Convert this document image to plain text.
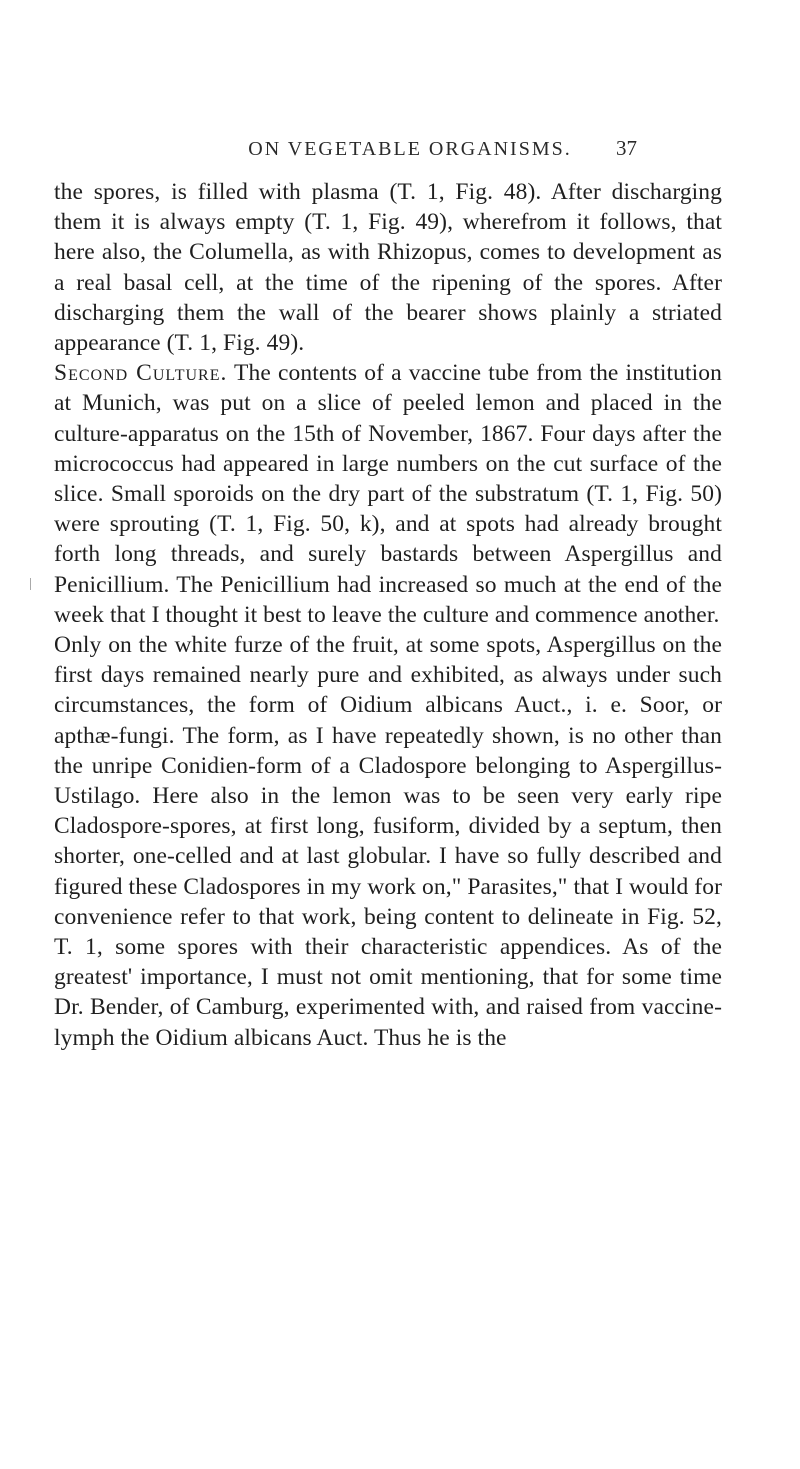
ON VEGETABLE ORGANISMS.	37

the spores, is filled with plasma (T. 1, Fig. 48). After discharging them it is always empty (T. 1, Fig. 49), wherefrom it follows, that here also, the Columella, as with Rhizopus, comes to development as a real basal cell, at the time of the ripening of the spores. After discharging them the wall of the bearer shows plainly a striated appearance (T. 1, Fig. 49).

Second Culture. The contents of a vaccine tube from the institution at Munich, was put on a slice of peeled lemon and placed in the culture-apparatus on the 15th of November, 1867. Four days after the micrococcus had appeared in large numbers on the cut surface of the slice. Small sporoids on the dry part of the substratum (T. 1, Fig. 50) were sprouting (T. 1, Fig. 50, k), and at spots had already brought forth long threads, and surely bastards between Aspergillus and Penicillium. The Penicillium had increased so much at the end of the week that I thought it best to leave the culture and commence another.

Only on the white furze of the fruit, at some spots, Aspergillus on the first days remained nearly pure and exhibited, as always under such circumstances, the form of Oidium albicans Auct., i. e. Soor, or apthæ-fungi. The form, as I have repeatedly shown, is no other than the unripe Conidien-form of a Cladospore belonging to Aspergillus-Ustilago. Here also in the lemon was to be seen very early ripe Cladospore-spores, at first long, fusiform, divided by a septum, then shorter, one-celled and at last globular. I have so fully described and figured these Cladospores in my work on," Parasites," that I would for convenience refer to that work, being content to delineate in Fig. 52, T. 1, some spores with their characteristic appendices. As of the greatest' importance, I must not omit mentioning, that for some time Dr. Bender, of Camburg, experimented with, and raised from vaccine-lymph the Oidium albicans Auct. Thus he is the
